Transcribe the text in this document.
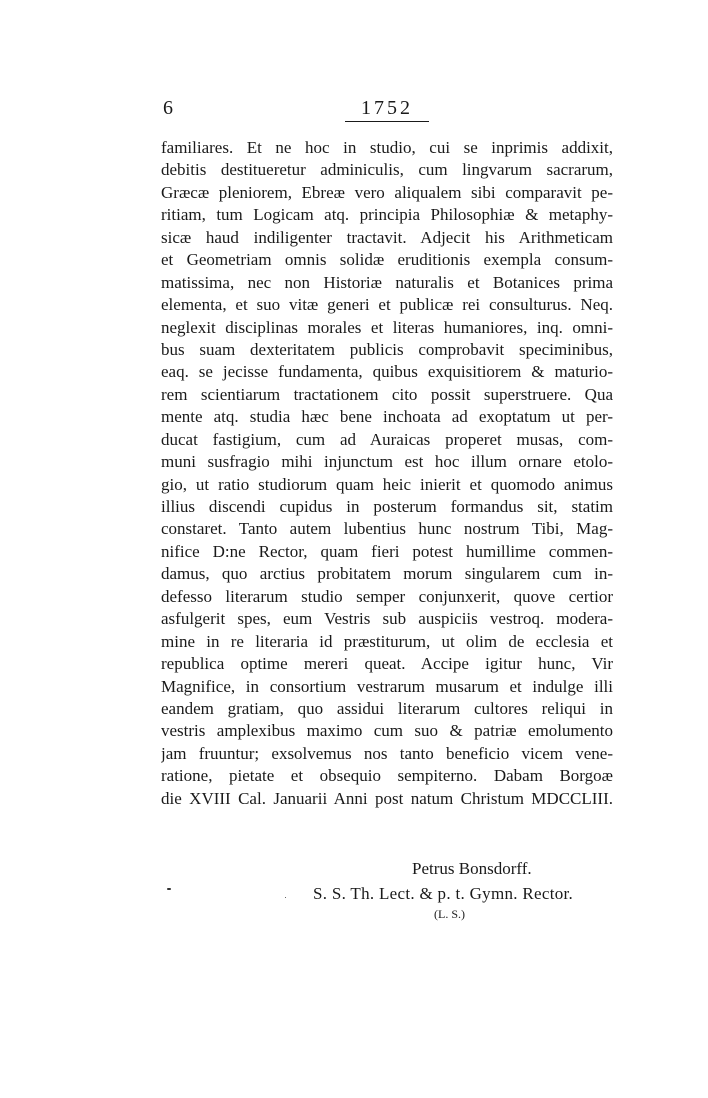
6	1752
familiares. Et ne hoc in studio, cui se inprimis addixit,
debitis destitueretur adminiculis, cum lingvarum sacrarum,
Græcæ pleniorem, Ebreæ vero aliqualem sibi comparavit pe-
ritiam, tum Logicam atq. principia Philosophiæ & metaphy-
sicæ haud indiligenter tractavit. Adjecit his Arithmeticam
et Geometriam omnis solidæ eruditionis exempla consum-
matissima, nec non Historiæ naturalis et Botanices prima
elementa, et suo vitæ generi et publicæ rei consulturus. Neq.
neglexit disciplinas morales et literas humaniores, inq. omni-
bus suam dexteritatem publicis comprobavit speciminibus,
eaq. se jecisse fundamenta, quibus exquisitiorem & maturio-
rem scientiarum tractationem cito possit superstruere. Qua
mente atq. studia hæc bene inchoata ad exoptatum ut per-
ducat fastigium, cum ad Auraicas properet musas, com-
muni susfragio mihi injunctum est hoc illum ornare etolo-
gio, ut ratio studiorum quam heic inierit et quomodo animus
illius discendi cupidus in posterum formandus sit, statim
constaret. Tanto autem lubentius hunc nostrum Tibi, Mag-
nifice D:ne Rector, quam fieri potest humillime commen-
damus, quo arctius probitatem morum singularem cum in-
defesso literarum studio semper conjunxerit, quove certior
asfulgerit spes, eum Vestris sub auspiciis vestroq. modera-
mine in re literaria id præstiturum, ut olim de ecclesia et
republica optime mereri queat. Accipe igitur hunc, Vir
Magnifice, in consortium vestrarum musarum et indulge illi
eandem gratiam, quo assidui literarum cultores reliqui in
vestris amplexibus maximo cum suo & patriæ emolumento
jam fruuntur; exsolvemus nos tanto beneficio vicem vene-
ratione, pietate et obsequio sempiterno. Dabam Borgoæ
die XVIII Cal. Januarii Anni post natum Christum MDCCLIII.
Petrus Bonsdorff.
S. S. Th. Lect. & p. t. Gymn. Rector.
(L. S.)
